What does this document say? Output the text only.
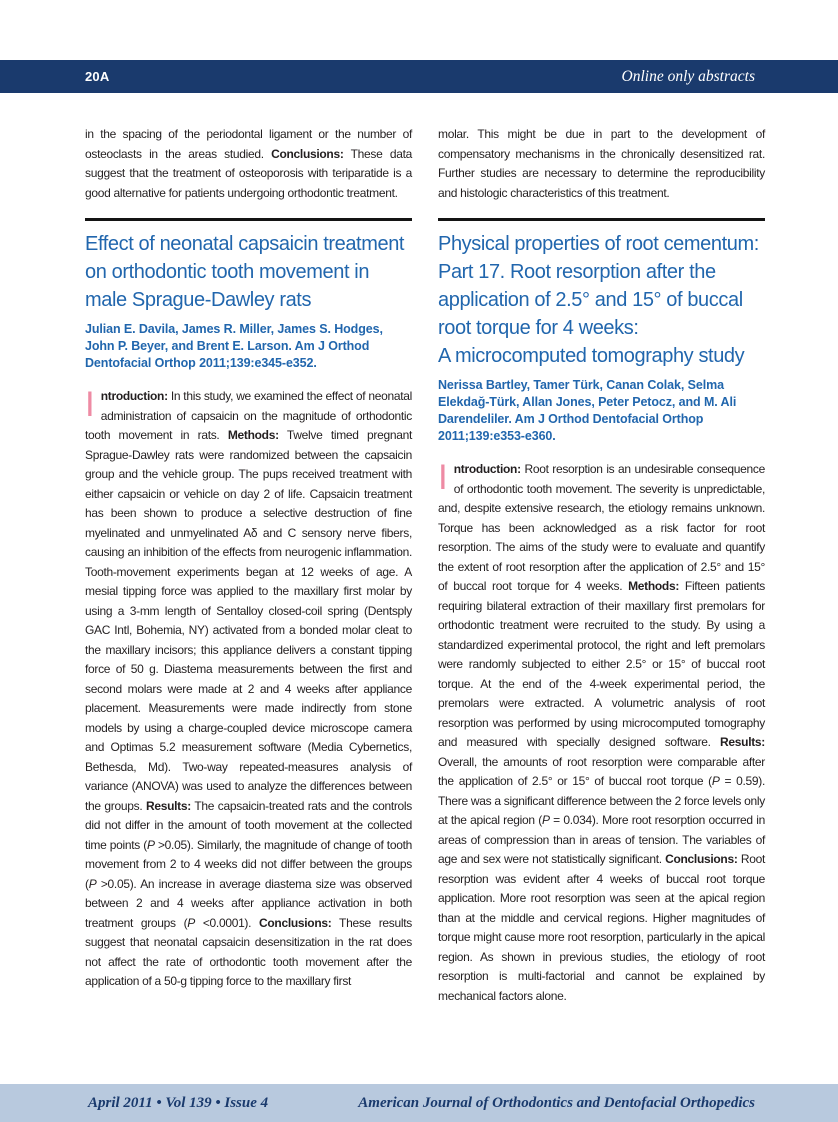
20A	Online only abstracts

in the spacing of the periodontal ligament or the number of osteoclasts in the areas studied. Conclusions: These data suggest that the treatment of osteoporosis with teriparatide is a good alternative for patients undergoing orthodontic treatment.

Effect of neonatal capsaicin treatment on orthodontic tooth movement in male Sprague-Dawley rats

Julian E. Davila, James R. Miller, James S. Hodges, John P. Beyer, and Brent E. Larson. Am J Orthod Dentofacial Orthop 2011;139:e345-e352.

Introduction: In this study, we examined the effect of neonatal administration of capsaicin on the magnitude of orthodontic tooth movement in rats. Methods: Twelve timed pregnant Sprague-Dawley rats were randomized between the capsaicin group and the vehicle group. The pups received treatment with either capsaicin or vehicle on day 2 of life. Capsaicin treatment has been shown to produce a selective destruction of fine myelinated and unmyelinated Aδ and C sensory nerve fibers, causing an inhibition of the effects from neurogenic inflammation. Tooth-movement experiments began at 12 weeks of age. A mesial tipping force was applied to the maxillary first molar by using a 3-mm length of Sentalloy closed-coil spring (Dentsply GAC Intl, Bohemia, NY) activated from a bonded molar cleat to the maxillary incisors; this appliance delivers a constant tipping force of 50 g. Diastema measurements between the first and second molars were made at 2 and 4 weeks after appliance placement. Measurements were made indirectly from stone models by using a charge-coupled device microscope camera and Optimas 5.2 measurement software (Media Cybernetics, Bethesda, Md). Two-way repeated-measures analysis of variance (ANOVA) was used to analyze the differences between the groups. Results: The capsaicin-treated rats and the controls did not differ in the amount of tooth movement at the collected time points (P >0.05). Similarly, the magnitude of change of tooth movement from 2 to 4 weeks did not differ between the groups (P >0.05). An increase in average diastema size was observed between 2 and 4 weeks after appliance activation in both treatment groups (P <0.0001). Conclusions: These results suggest that neonatal capsaicin desensitization in the rat does not affect the rate of orthodontic tooth movement after the application of a 50-g tipping force to the maxillary first

molar. This might be due in part to the development of compensatory mechanisms in the chronically desensitized rat. Further studies are necessary to determine the reproducibility and histologic characteristics of this treatment.

Physical properties of root cementum: Part 17. Root resorption after the application of 2.5° and 15° of buccal root torque for 4 weeks:
A microcomputed tomography study

Nerissa Bartley, Tamer Türk, Canan Colak, Selma Elekdağ-Türk, Allan Jones, Peter Petocz, and M. Ali Darendeliler. Am J Orthod Dentofacial Orthop 2011;139:e353-e360.

Introduction: Root resorption is an undesirable consequence of orthodontic tooth movement. The severity is unpredictable, and, despite extensive research, the etiology remains unknown. Torque has been acknowledged as a risk factor for root resorption. The aims of the study were to evaluate and quantify the extent of root resorption after the application of 2.5° and 15° of buccal root torque for 4 weeks. Methods: Fifteen patients requiring bilateral extraction of their maxillary first premolars for orthodontic treatment were recruited to the study. By using a standardized experimental protocol, the right and left premolars were randomly subjected to either 2.5° or 15° of buccal root torque. At the end of the 4-week experimental period, the premolars were extracted. A volumetric analysis of root resorption was performed by using microcomputed tomography and measured with specially designed software. Results: Overall, the amounts of root resorption were comparable after the application of 2.5° or 15° of buccal root torque (P = 0.59). There was a significant difference between the 2 force levels only at the apical region (P = 0.034). More root resorption occurred in areas of compression than in areas of tension. The variables of age and sex were not statistically significant. Conclusions: Root resorption was evident after 4 weeks of buccal root torque application. More root resorption was seen at the apical region than at the middle and cervical regions. Higher magnitudes of torque might cause more root resorption, particularly in the apical region. As shown in previous studies, the etiology of root resorption is multi-factorial and cannot be explained by mechanical factors alone.

April 2011 • Vol 139 • Issue 4	American Journal of Orthodontics and Dentofacial Orthopedics
